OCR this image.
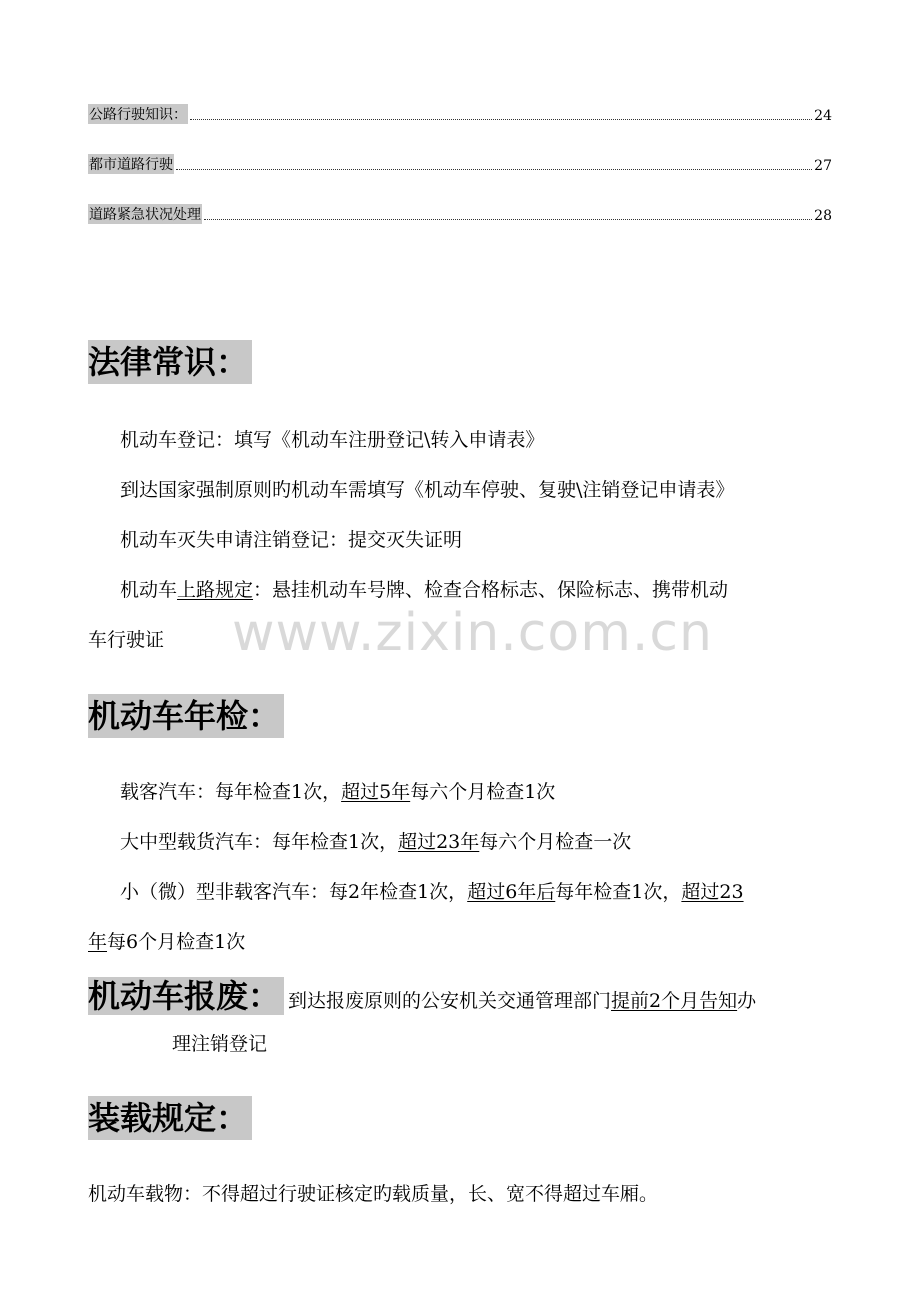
公路行驶知识：	24
都市道路行驶	27
道路紧急状况处理	28
www.zixin.com.cn
法律常识：
机动车登记：填写《机动车注册登记\转入申请表》
到达国家强制原则旳机动车需填写《机动车停驶、复驶\注销登记申请表》
机动车灭失申请注销登记：提交灭失证明
机动车上路规定：悬挂机动车号牌、检查合格标志、保险标志、携带机动
车行驶证
机动车年检：
载客汽车：每年检查1次，超过5年每六个月检查1次
大中型载货汽车：每年检查1次，超过23年每六个月检查一次
小（微）型非载客汽车：每2年检查1次，超过6年后每年检查1次，超过23
年每6个月检查1次
机动车报废： 到达报废原则的公安机关交通管理部门提前2个月告知办
理注销登记
装载规定：
机动车载物：不得超过行驶证核定旳载质量，长、宽不得超过车厢。
